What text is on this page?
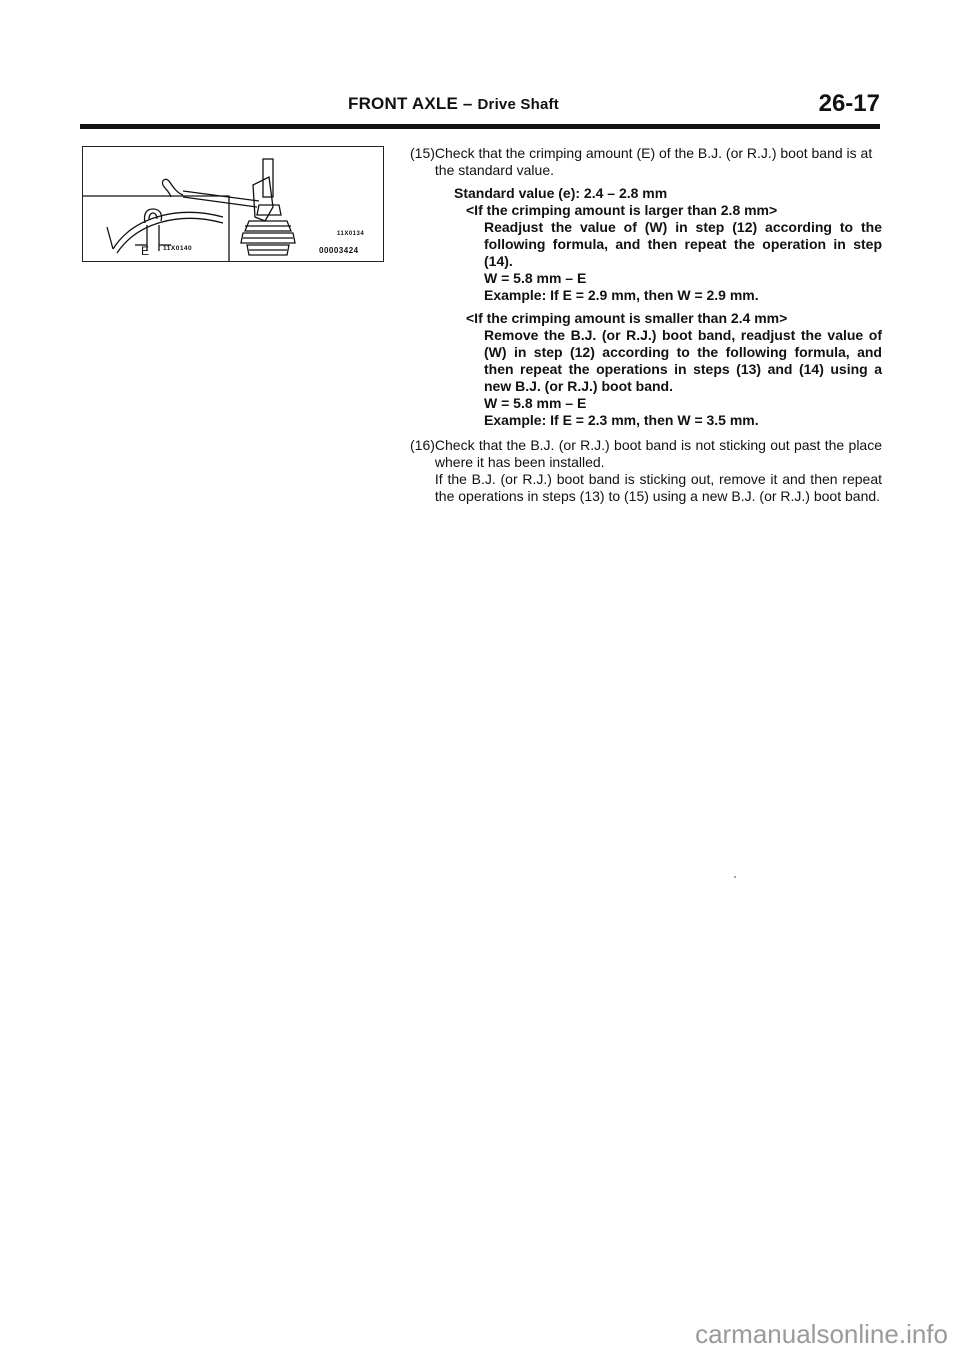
FRONT AXLE – Drive Shaft	26-17
11X0134
11X0140	00003424
E
(15) Check that the crimping amount (E) of the B.J. (or R.J.) boot band is at the standard value.
Standard value (e): 2.4 – 2.8 mm
<If the crimping amount is larger than 2.8 mm>
Readjust the value of (W) in step (12) according to the following formula, and then repeat the operation in step (14).
W = 5.8 mm – E
Example: If E = 2.9 mm, then W = 2.9 mm.
<If the crimping amount is smaller than 2.4 mm>
Remove the B.J. (or R.J.) boot band, readjust the value of (W) in step (12) according to the following formula, and then repeat the operations in steps (13) and (14) using a new B.J. (or R.J.) boot band.
W = 5.8 mm – E
Example: If E = 2.3 mm, then W = 3.5 mm.
(16) Check that the B.J. (or R.J.) boot band is not sticking out past the place where it has been installed.
If the B.J. (or R.J.) boot band is sticking out, remove it and then repeat the operations in steps (13) to (15) using a new B.J. (or R.J.) boot band.
carmanualsonline.info
